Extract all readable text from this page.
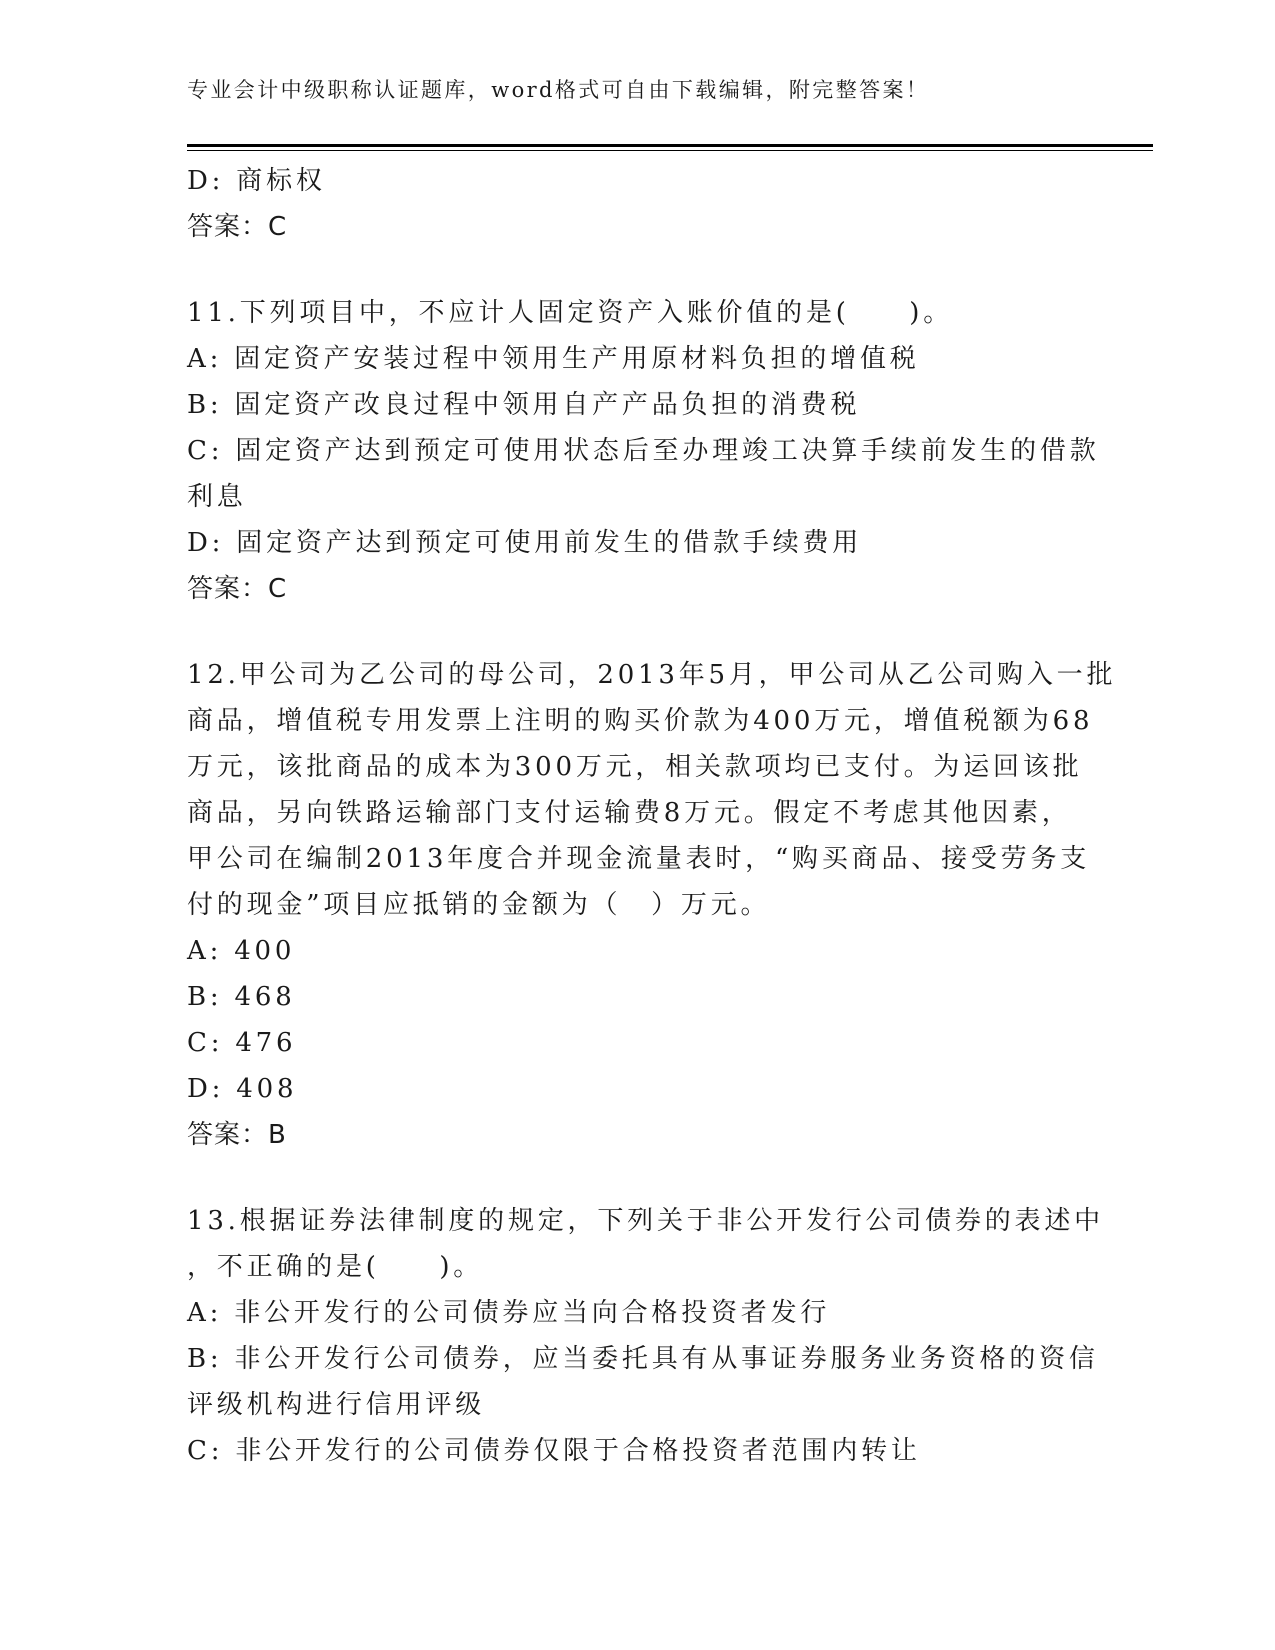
专业会计中级职称认证题库，word格式可自由下载编辑，附完整答案！
D: 商标权
答案：C
11.下列项目中，不应计人固定资产入账价值的是(　　)。
A: 固定资产安装过程中领用生产用原材料负担的增值税
B: 固定资产改良过程中领用自产产品负担的消费税
C: 固定资产达到预定可使用状态后至办理竣工决算手续前发生的借款
利息
D: 固定资产达到预定可使用前发生的借款手续费用
答案：C
12.甲公司为乙公司的母公司，2013年5月，甲公司从乙公司购入一批
商品，增值税专用发票上注明的购买价款为400万元，增值税额为68
万元，该批商品的成本为300万元，相关款项均已支付。为运回该批
商品，另向铁路运输部门支付运输费8万元。假定不考虑其他因素，
甲公司在编制2013年度合并现金流量表时，“购买商品、接受劳务支
付的现金”项目应抵销的金额为（　）万元。
A: 400
B: 468
C: 476
D: 408
答案：B
13.根据证券法律制度的规定，下列关于非公开发行公司债券的表述中
，不正确的是(　　)。
A: 非公开发行的公司债券应当向合格投资者发行
B: 非公开发行公司债券，应当委托具有从事证券服务业务资格的资信
评级机构进行信用评级
C: 非公开发行的公司债券仅限于合格投资者范围内转让
